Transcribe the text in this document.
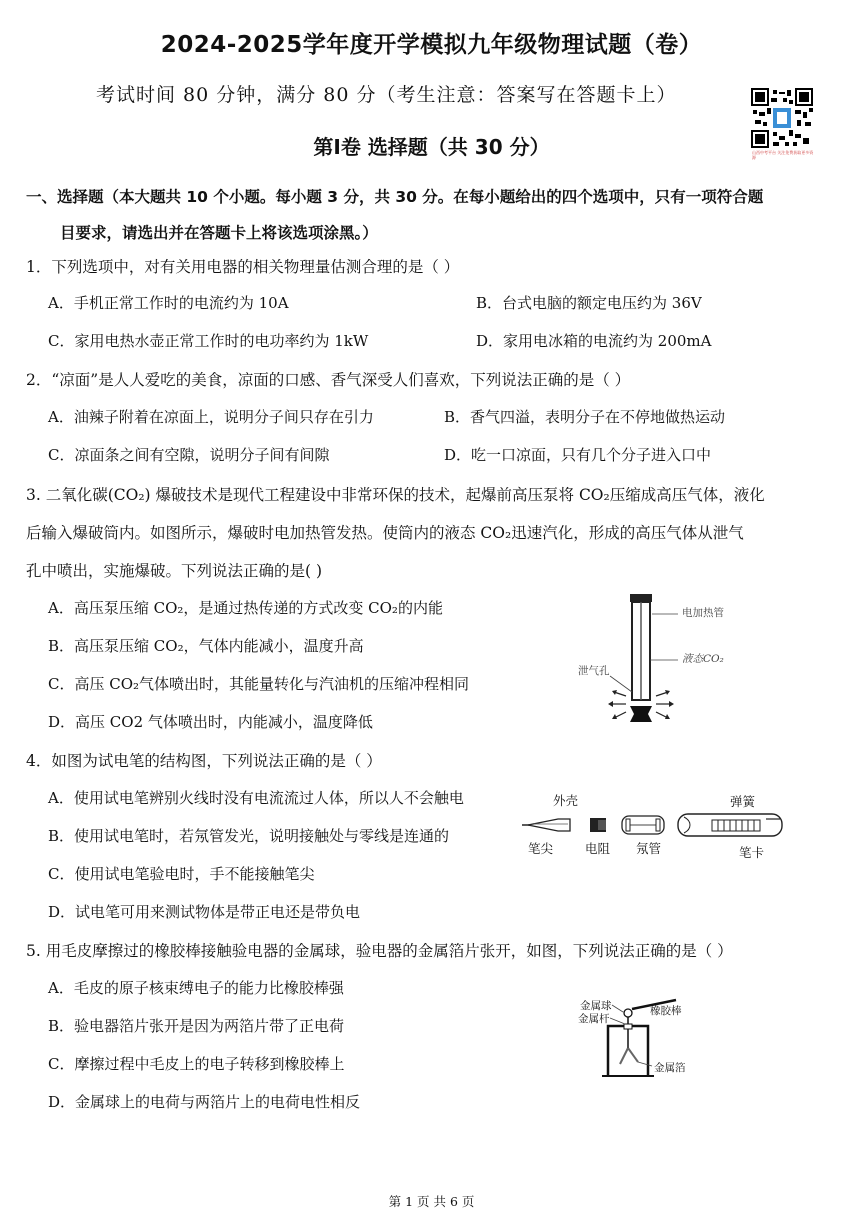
2024-2025学年度开学模拟九年级物理试题（卷）
考试时间 80 分钟，满分 80 分（考生注意：答案写在答题卡上）
第Ⅰ卷 选择题（共 30 分）	山西中考平台 关注免费获取更多资源
一、选择题（本大题共 10 个小题。每小题 3 分，共 30 分。在每小题给出的四个选项中，只有一项符合题
目要求，请选出并在答题卡上将该选项涂黑。）
1．下列选项中，对有关用电器的相关物理量估测合理的是（ ）
A．手机正常工作时的电流约为 10A	B．台式电脑的额定电压约为 36V
C．家用电热水壶正常工作时的电功率约为 1kW	D．家用电冰箱的电流约为 200mA
2．“凉面”是人人爱吃的美食，凉面的口感、香气深受人们喜欢，下列说法正确的是（ ）
A．油辣子附着在凉面上，说明分子间只存在引力	B．香气四溢，表明分子在不停地做热运动
C．凉面条之间有空隙，说明分子间有间隙	D．吃一口凉面，只有几个分子进入口中
3. 二氧化碳(CO₂) 爆破技术是现代工程建设中非常环保的技术，起爆前高压泵将 CO₂压缩成高压气体，液化
后输入爆破筒内。如图所示，爆破时电加热管发热。使筒内的液态 CO₂迅速汽化，形成的高压气体从泄气
孔中喷出，实施爆破。下列说法正确的是( )
A．高压泵压缩 CO₂，是通过热传递的方式改变 CO₂的内能
B．高压泵压缩 CO₂，气体内能减小，温度升高
C．高压 CO₂气体喷出时，其能量转化与汽油机的压缩冲程相同
D．高压 CO2 气体喷出时，内能减小，温度降低
电加热管
液态CO₂
泄气孔
4．如图为试电笔的结构图，下列说法正确的是（ ）
A．使用试电笔辨别火线时没有电流流过人体，所以人不会触电
B．使用试电笔时，若氖管发光，说明接触处与零线是连通的
C．使用试电笔验电时，手不能接触笔尖
D．试电笔可用来测试物体是带正电还是带负电
外壳	弹簧
笔尖	电阻 氖管	笔卡
5. 用毛皮摩擦过的橡胶棒接触验电器的金属球，验电器的金属箔片张开，如图，下列说法正确的是（ ）
A．毛皮的原子核束缚电子的能力比橡胶棒强
B．验电器箔片张开是因为两箔片带了正电荷
C．摩擦过程中毛皮上的电子转移到橡胶棒上
D．金属球上的电荷与两箔片上的电荷电性相反
金属球
金属杆
橡胶棒
金属箔
第 1 页 共 6 页
